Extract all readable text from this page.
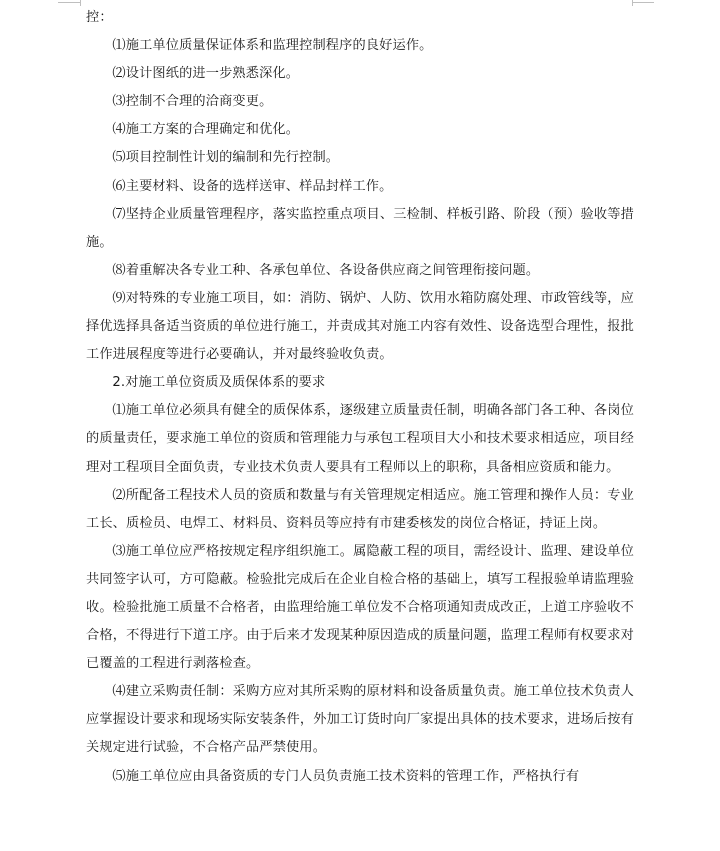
控：

⑴施工单位质量保证体系和监理控制程序的良好运作。

⑵设计图纸的进一步熟悉深化。

⑶控制不合理的洽商变更。

⑷施工方案的合理确定和优化。

⑸项目控制性计划的编制和先行控制。

⑹主要材料、设备的选样送审、样品封样工作。

⑺坚持企业质量管理程序，落实监控重点项目、三检制、样板引路、阶段（预）验收等措施。

⑻着重解决各专业工种、各承包单位、各设备供应商之间管理衔接问题。

⑼对特殊的专业施工项目，如：消防、锅炉、人防、饮用水箱防腐处理、市政管线等，应择优选择具备适当资质的单位进行施工，并责成其对施工内容有效性、设备选型合理性，报批工作进展程度等进行必要确认，并对最终验收负责。

2.对施工单位资质及质保体系的要求

⑴施工单位必须具有健全的质保体系，逐级建立质量责任制，明确各部门各工种、各岗位的质量责任，要求施工单位的资质和管理能力与承包工程项目大小和技术要求相适应，项目经理对工程项目全面负责，专业技术负责人要具有工程师以上的职称，具备相应资质和能力。

⑵所配备工程技术人员的资质和数量与有关管理规定相适应。施工管理和操作人员：专业工长、质检员、电焊工、材料员、资料员等应持有市建委核发的岗位合格证，持证上岗。

⑶施工单位应严格按规定程序组织施工。属隐蔽工程的项目，需经设计、监理、建设单位共同签字认可，方可隐蔽。检验批完成后在企业自检合格的基础上，填写工程报验单请监理验收。检验批施工质量不合格者，由监理给施工单位发不合格项通知责成改正，上道工序验收不合格，不得进行下道工序。由于后来才发现某种原因造成的质量问题，监理工程师有权要求对已覆盖的工程进行剥落检查。

⑷建立采购责任制：采购方应对其所采购的原材料和设备质量负责。施工单位技术负责人应掌握设计要求和现场实际安装条件，外加工订货时向厂家提出具体的技术要求，进场后按有关规定进行试验，不合格产品严禁使用。

⑸施工单位应由具备资质的专门人员负责施工技术资料的管理工作，严格执行有
